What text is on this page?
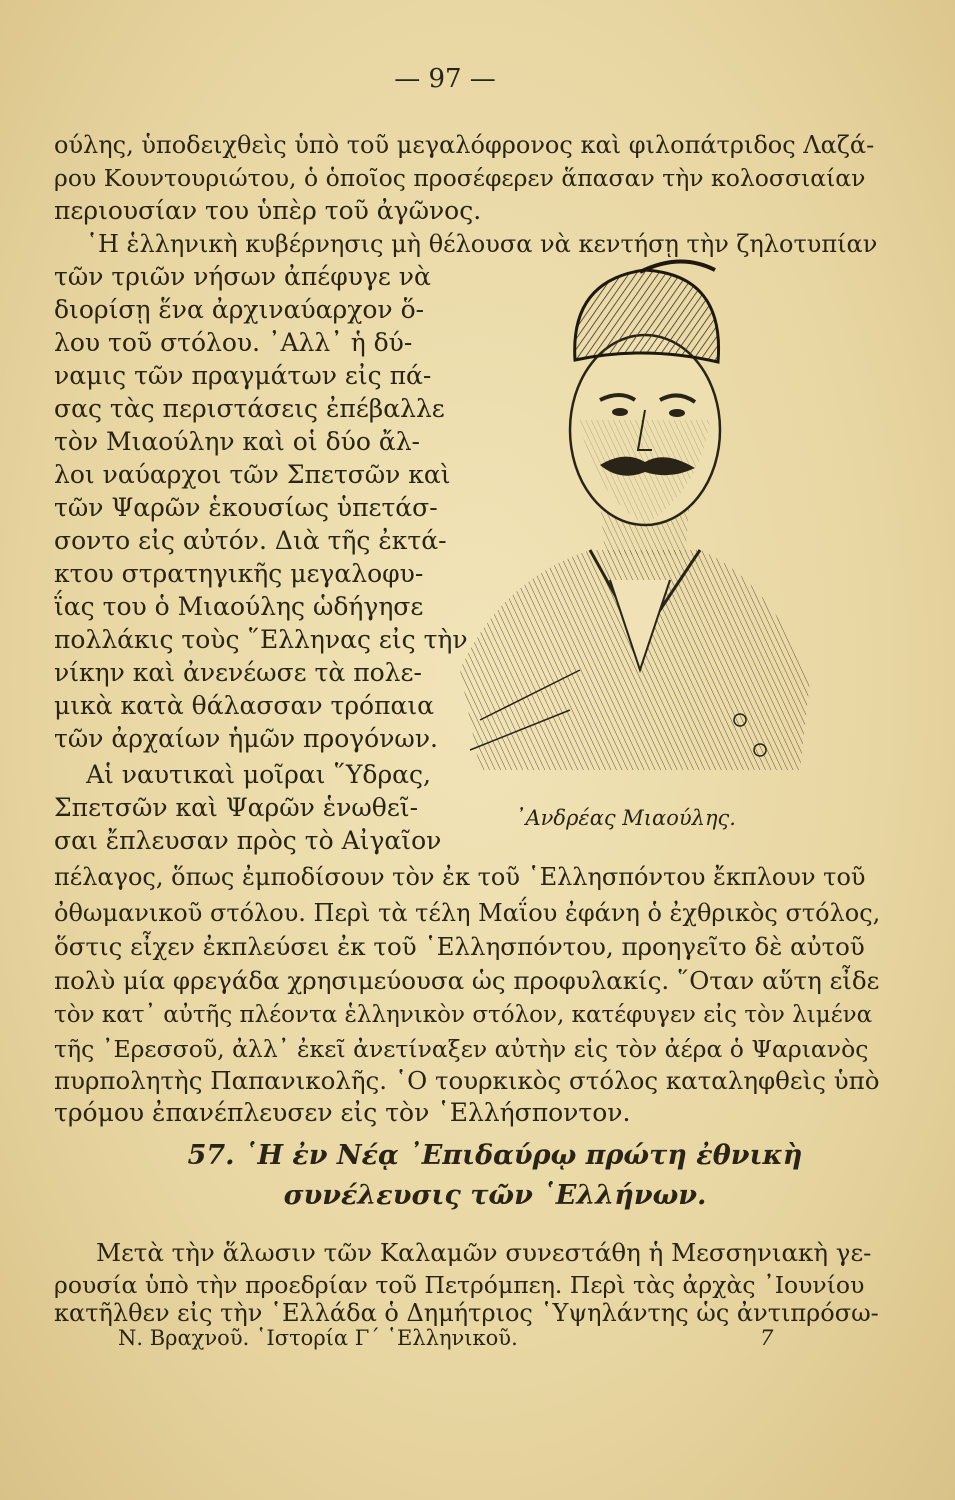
— 97 —
ούλης, ὑποδειχθεὶς ὑπὸ τοῦ μεγαλόφρονος καὶ φιλοπάτριδος Λαζά-
ρου Κουντουριώτου, ὁ ὁποῖος προσέφερεν ἅπασαν τὴν κολοσσιαίαν
περιουσίαν του ὑπὲρ τοῦ ἀγῶνος.
῾Η ἑλληνικὴ κυβέρνησις μὴ θέλουσα νὰ κεντήσῃ τὴν ζηλοτυπίαν
τῶν τριῶν νήσων ἀπέφυγε νὰ
διορίσῃ ἕνα ἀρχιναύαρχον ὅ-
λου τοῦ στόλου. ᾿Αλλ᾿ ἡ δύ-
ναμις τῶν πραγμάτων εἰς πά-
σας τὰς περιστάσεις ἐπέβαλλε
τὸν Μιαούλην καὶ οἱ δύο ἄλ-
λοι ναύαρχοι τῶν Σπετσῶν καὶ
τῶν Ψαρῶν ἑκουσίως ὑπετάσ-
σοντο εἰς αὐτόν. Διὰ τῆς ἐκτά-
κτου στρατηγικῆς μεγαλοφυ-
ΐας του ὁ Μιαούλης ὡδήγησε
πολλάκις τοὺς ῞Ελληνας εἰς τὴν
νίκην καὶ ἀνενέωσε τὰ πολε-
μικὰ κατὰ θάλασσαν τρόπαια
τῶν ἀρχαίων ἡμῶν προγόνων.
Αἱ ναυτικαὶ μοῖραι ῞Υδρας,
Σπετσῶν καὶ Ψαρῶν ἑνωθεῖ-
σαι ἔπλευσαν πρὸς τὸ Αἰγαῖον
πέλαγος, ὅπως ἐμποδίσουν τὸν ἐκ τοῦ ῾Ελλησπόντου ἔκπλουν τοῦ
ὀθωμανικοῦ στόλου. Περὶ τὰ τέλη Μαΐου ἐφάνη ὁ ἐχθρικὸς στόλος,
ὅστις εἶχεν ἐκπλεύσει ἐκ τοῦ ῾Ελλησπόντου, προηγεῖτο δὲ αὐτοῦ
πολὺ μία φρεγάδα χρησιμεύουσα ὡς προφυλακίς. ῞Οταν αὕτη εἶδε
τὸν κατ᾿ αὐτῆς πλέοντα ἑλληνικὸν στόλον, κατέφυγεν εἰς τὸν λιμένα
τῆς ᾿Ερεσσοῦ, ἀλλ᾿ ἐκεῖ ἀνετίναξεν αὐτὴν εἰς τὸν ἀέρα ὁ Ψαριανὸς
πυρπολητὴς Παπανικολῆς. ῾Ο τουρκικὸς στόλος καταληφθεὶς ὑπὸ
τρόμου ἐπανέπλευσεν εἰς τὸν ῾Ελλήσποντον.
᾿Ανδρέας Μιαούλης.
57. ῾Η ἐν Νέᾳ ᾿Επιδαύρῳ πρώτη ἐθνικὴ
συνέλευσις τῶν ῾Ελλήνων.
Μετὰ τὴν ἅλωσιν τῶν Καλαμῶν συνεστάθη ἡ Μεσσηνιακὴ γε-
ρουσία ὑπὸ τὴν προεδρίαν τοῦ Πετρόμπεη. Περὶ τὰς ἀρχὰς ᾿Ιουνίου
κατῆλθεν εἰς τὴν ῾Ελλάδα ὁ Δημήτριος ῾Υψηλάντης ὡς ἀντιπρόσω-
Ν. Βραχνοῦ. ῾Ιστορία Γ΄ ῾Ελληνικοῦ.	7
